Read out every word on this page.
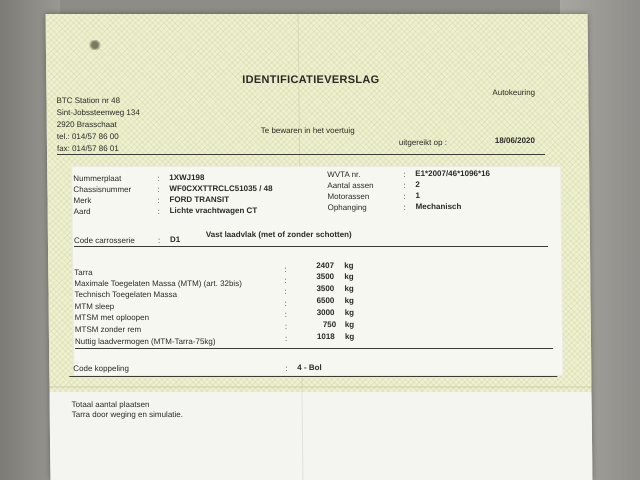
IDENTIFICATIEVERSLAG
Autokeuring
BTC Station nr 48
Sint-Jobssteenweg 134
2920 Brasschaat
tel.: 014/57 86 00
fax: 014/57 86 01
Te bewaren in het voertuig
uitgereikt op :	18/06/2020
Nummerplaat	: 1XWJ198
Chassisnummer	: WF0CXXTTRCLC51035 / 48
Merk	: FORD TRANSIT
Aard	: Lichte vrachtwagen CT
WVTA nr.	: E1*2007/46*1096*16
Aantal assen	: 2
Motorassen	: 1
Ophanging	: Mechanisch
Code carrosserie	: D1
Vast laadvlak (met of zonder schotten)
Tarra	:	2407 kg
Maximale Toegelaten Massa (MTM) (art. 32bis)	:	3500 kg
Technisch Toegelaten Massa	:	3500 kg
MTM sleep	:	6500 kg
MTSM met oploopen	:	3000 kg
MTSM zonder rem	:	750 kg
Nuttig laadvermogen (MTM-Tarra-75kg)	:	1018 kg
Code koppeling	: 4 - Bol
Totaal aantal plaatsen
Tarra door weging en simulatie.
